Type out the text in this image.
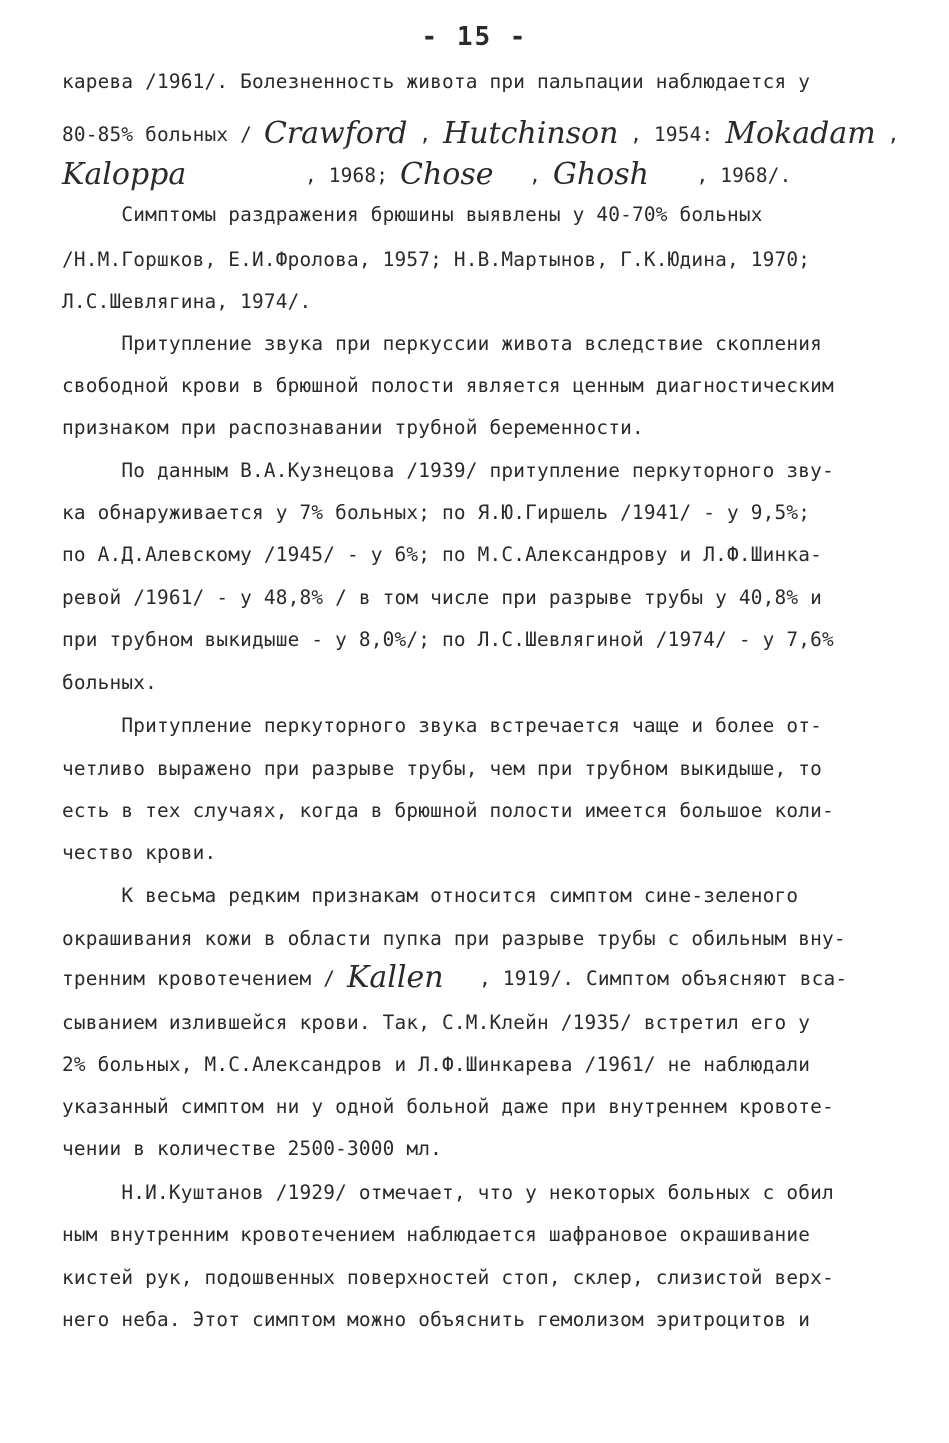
- 15 -
карева /1961/. Болезненность живота при пальпации наблюдается у
80-85% больных / Crawford , Hutchinson , 1954: Mokadam ,
Kaloppa          , 1968; Chose   , Ghosh    , 1968/.
Симптомы раздражения брюшины выявлены у 40-70% больных
/Н.М.Горшков, Е.И.Фролова, 1957; Н.В.Мартынов, Г.К.Юдина, 1970;
Л.С.Шевлягина, 1974/.
Притупление звука при перкуссии живота вследствие скопления
свободной крови в брюшной полости является ценным диагностическим
признаком при распознавании трубной беременности.
По данным В.А.Кузнецова /1939/ притупление перкуторного зву-
ка обнаруживается у 7% больных; по Я.Ю.Гиршель /1941/ - у 9,5%;
по А.Д.Алевскому /1945/ - у 6%; по М.С.Александрову и Л.Ф.Шинка-
ревой /1961/ - у 48,8% / в том числе при разрыве трубы у 40,8% и
при трубном выкидыше - у 8,0%/; по Л.С.Шевлягиной /1974/ - у 7,6%
больных.
Притупление перкуторного звука встречается чаще и более от-
четливо выражено при разрыве трубы, чем при трубном выкидыше, то
есть в тех случаях, когда в брюшной полости имеется большое коли-
чество крови.
К весьма редким признакам относится симптом сине-зеленого
окрашивания кожи в области пупка при разрыве трубы с обильным вну-
тренним кровотечением / Kallen   , 1919/. Симптом объясняют вса-
сыванием излившейся крови. Так, С.М.Клейн /1935/ встретил его у
2% больных, М.С.Александров и Л.Ф.Шинкарева /1961/ не наблюдали
указанный симптом ни у одной больной даже при внутреннем кровоте-
чении в количестве 2500-3000 мл.
Н.И.Куштанов /1929/ отмечает, что у некоторых больных с обил
ным внутренним кровотечением наблюдается шафрановое окрашивание
кистей рук, подошвенных поверхностей стоп, склер, слизистой верх-
него неба. Этот симптом можно объяснить гемолизом эритроцитов и
